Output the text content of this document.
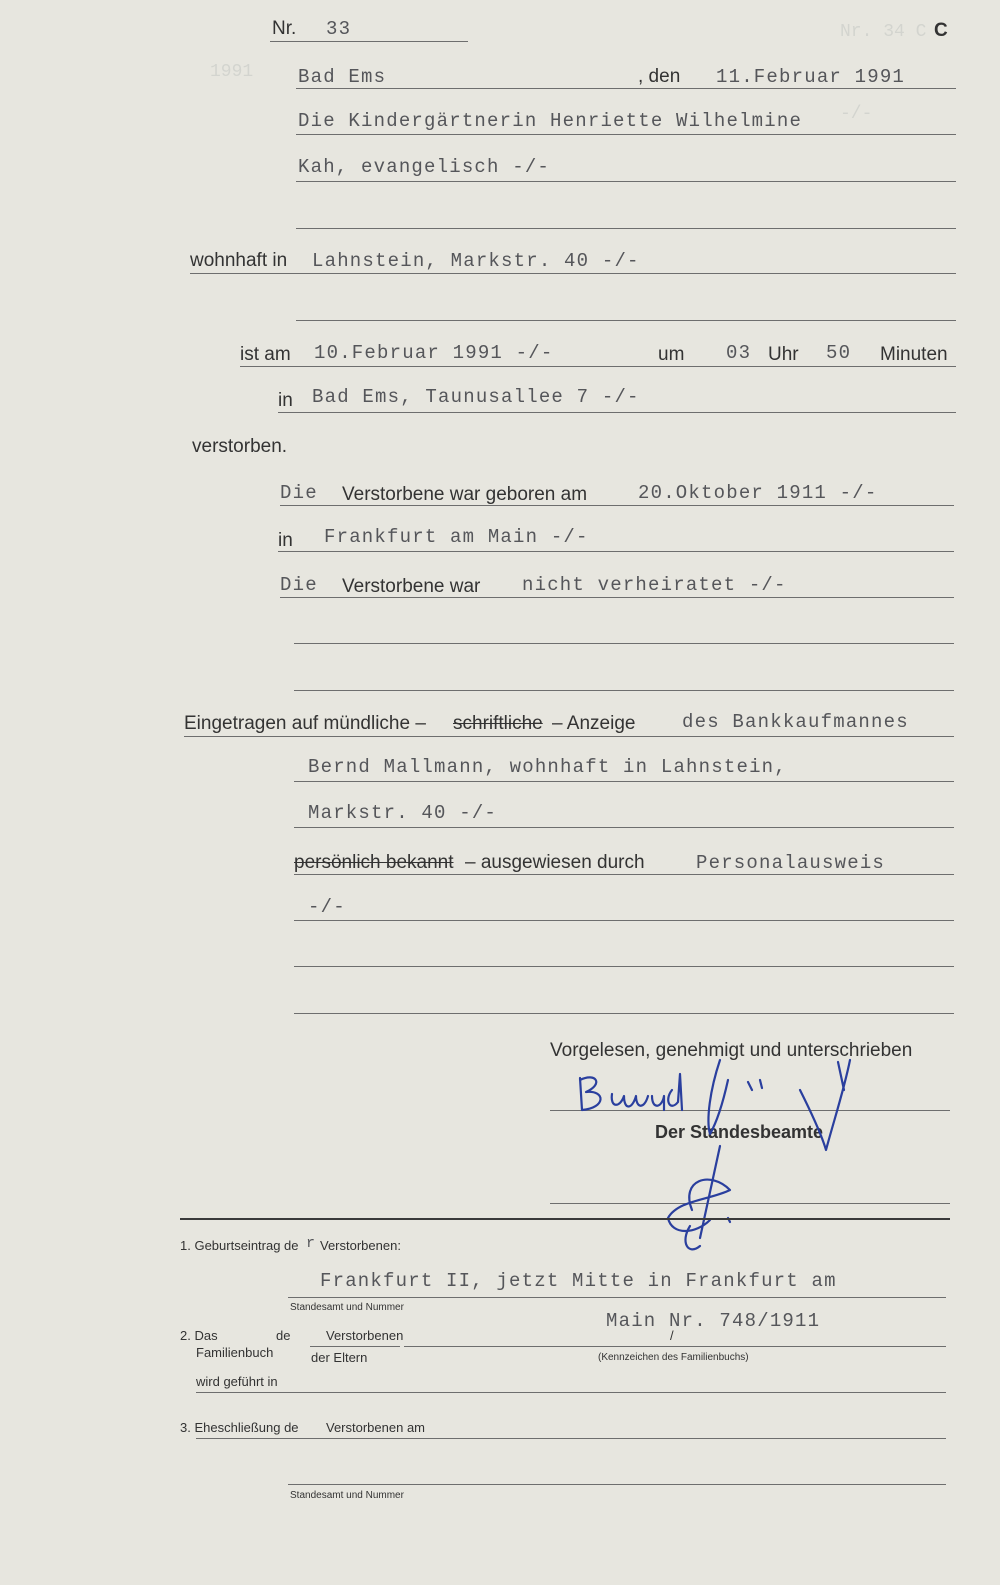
Nr. 34 C
1991
-/-
Nr. 33	C
Bad Ems	, den 11.Februar 1991
Die Kindergärtnerin Henriette Wilhelmine
Kah, evangelisch -/-
wohnhaft in Lahnstein, Markstr. 40 -/-
ist am 10.Februar 1991 -/-	um 03 Uhr 50 Minuten
in Bad Ems, Taunusallee 7 -/-
verstorben.
Die Verstorbene war geboren am	20.Oktober 1911 -/-
in Frankfurt am Main -/-
Die Verstorbene war nicht verheiratet -/-
Eingetragen auf mündliche – schriftliche – Anzeige des Bankkaufmannes
Bernd Mallmann, wohnhaft in Lahnstein,
Markstr. 40 -/-
persönlich bekannt – ausgewiesen durch	Personalausweis
-/-
Vorgelesen, genehmigt und unterschrieben
Der Standesbeamte
1. Geburtseintrag de r Verstorbenen:
Frankfurt II, jetzt Mitte in Frankfurt am
Standesamt und Nummer
Main Nr. 748/1911
2. Das
Familienbuch
de	Verstorbenen
der Eltern
/
(Kennzeichen des Familienbuchs)
wird geführt in
3. Eheschließung de Verstorbenen am
Standesamt und Nummer
